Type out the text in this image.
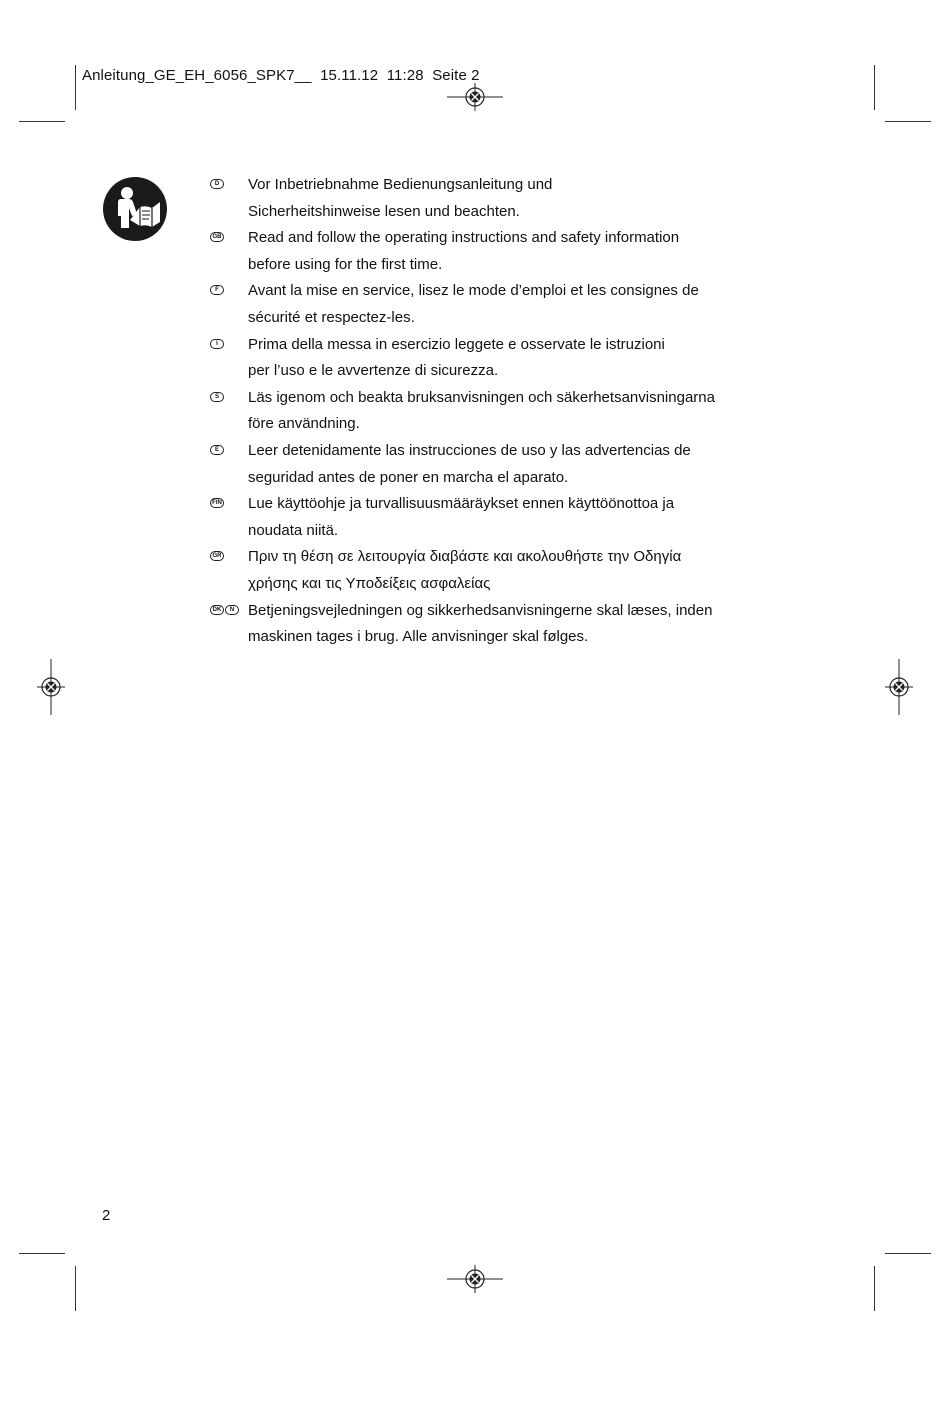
Anleitung_GE_EH_6056_SPK7__ 15.11.12 11:28 Seite 2
D	Vor Inbetriebnahme Bedienungsanleitung und

Sicherheitshinweise lesen und beachten.

GB Read and follow the operating instructions and safety information

before using for the first time.

F	Avant la mise en service, lisez le mode d’emploi et les consignes de

sécurité et respectez-les.

I	Prima della messa in esercizio leggete e osservate le istruzioni

per l’uso e le avvertenze di sicurezza.

S	Läs igenom och beakta bruksanvisningen och säkerhetsanvisningarna

före användning.

E	Leer detenidamente las instrucciones de uso y las advertencias de

seguridad antes de poner en marcha el aparato.

FIN Lue käyttöohje ja turvallisuusmääräykset ennen käyttöönottoa ja

noudata niitä.

GR Πριν τη θέση σε λειτουργία διαβάστε και ακολουθήστε την Οδηγία

χρήσης και τις Υποδείξεις ασφαλείας

DK	N Betjeningsvejledningen og sikkerhedsanvisningerne skal læses, inden

maskinen tages i brug. Alle anvisninger skal følges.

2
